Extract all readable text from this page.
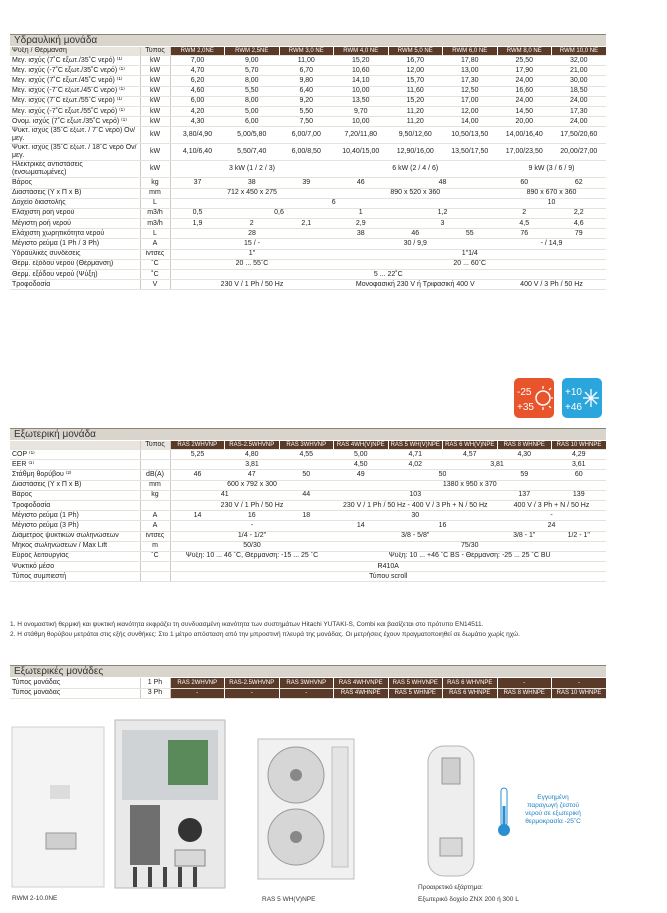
Υδραυλική μονάδα
Ψύξη / Θέρμανση	Τύπος	RWM 2,0NE	RWM 2,5NE	RWM 3,0 NE	RWM 4,0 NE	RWM 5,0 NE	RWM 6,0 NE	RWM 8,0 NE	RWM 10,0 NE
Μεγ. ισχύς (7˚C εξωτ./35˚C νερό) ⁽¹⁾	kW	7,00	9,00	11,00	15,20	16,70	17,80	25,50	32,00
Μεγ. ισχύς (-7˚C εξωτ./35˚C νερό) ⁽¹⁾	kW	4,70	5,70	6,70	10,60	12,00	13,00	17,90	21,00
Μεγ. ισχύς (7˚C εξωτ./45˚C νερό) ⁽¹⁾	kW	6,20	8,00	9,80	14,10	15,70	17,30	24,00	30,00
Μεγ. ισχύς (-7˚C εξωτ./45˚C νερό) ⁽¹⁾	kW	4,60	5,50	6,40	10,00	11,60	12,50	16,60	18,50
Μεγ. ισχύς (7˚C εξωτ./55˚C νερό) ⁽¹⁾	kW	6,00	8,00	9,20	13,50	15,20	17,00	24,00	24,00
Μεγ. ισχύς (-7˚C εξωτ./55˚C νερό) ⁽¹⁾	kW	4,20	5,00	5,50	9,70	11,20	12,00	14,50	17,30
Ονομ. ισχύς (7˚C εξωτ./35˚C νερό) ⁽¹⁾	kW	4,30	6,00	7,50	10,00	11,20	14,00	20,00	24,00
Ψυκτ. ισχύς (35˚C εξωτ. / 7˚C νερό) Ον/μεγ.	kW	3,80/4,90	5,00/5,80	6,00/7,00	7,20/11,80	9,50/12,60	10,50/13,50	14,00/16,40	17,50/20,60
Ψυκτ. ισχύς (35˚C εξωτ. / 18˚C νερό Ον/μεγ.	kW	4,10/6,40	5,50/7,40	6,00/8,50	10,40/15,00	12,90/16,00	13,50/17,50	17,00/23,50	20,00/27,00
Ηλεκτρικές αντιστάσεις (ενσωματωμένες)	kW	3 kW (1 / 2 / 3)			6 kW (2 / 4 / 6)			9 kW (3 / 6 / 9)	
Βάρος	kg	37	38	39	46	48		60	62
Διαστάσεις (Υ x Π x Β)	mm	712 x 450 x 275			890 x 520 x 360			890 x 670 x 360	
Δοχείο διαστολής	L	6						10	
Ελάχιστη ροή νερού	m3/h	0,5	0,6		1	1,2		2	2,2
Μέγιστη ροή νερού	m3/h	1,9	2	2,1	2,9	3		4,5	4,6
Ελάχιστη χωρητικότητα νερού	L	28			38	46	55	76	79
Μέγιστο ρεύμα (1 Ph / 3 Ph)	A	15 / -			30 / 9,9			- / 14,9	
Υδραυλικές συνδέσεις	ίντσες	1"			1"1/4				
Θερμ. εξόδου νερού (Θέρμανση)	˚C	20 ... 55˚C			20 ... 60˚C				
Θερμ. εξόδου νερού (Ψύξη)	˚C	5 ... 22˚C							
Τροφοδοσία	V	230 V / 1 Ph / 50 Hz			Μονοφασική 230 V ή Τριφασική 400 V			400 V / 3 Ph / 50 Hz	
-25
+35
+10
+46
Εξωτερική μονάδα
	Τύπος	RAS 2WHVNP	RAS-2.5WHVNP	RAS 3WHVNP	RAS 4WH(V)NPE	RAS 5 WH(V)NPE	RAS 6 WH(V)NPE	RAS 8 WHNPE	RAS 10 WHNPE
COP ⁽¹⁾		5,25	4,80	4,55	5,00	4,71	4,57	4,30	4,29
EER ⁽¹⁾		3,81			4,50	4,02	3,81		3,61
Στάθμη θορύβου ⁽²⁾	dB(A)	46	47	50	49	50		59	60
Διαστάσεις (Υ x Π x Β)	mm	600 x 792 x 300			1380 x 950 x 370				
Βάρος	kg	41		44	103			137	139
Τροφοδοσία		230 V / 1 Ph / 50 Hz			230 V / 1 Ph / 50 Hz - 400 V / 3 Ph + N / 50 Hz			400 V / 3 Ph + N / 50 Hz	
Μέγιστο ρεύμα (1 Ph)	A	14	16	18	30			-	
Μέγιστο ρεύμα (3 Ph)	A	-			14	16		24	
Διάμετρος ψυκτικών σωληνώσεων	ίντσες	1/4 - 1/2"			3/8 - 5/8"			3/8 - 1"	1/2 - 1"
Μήκος σωληνώσεων / Max Lift	m	50/30			75/30				
Εύρος λειτουργίας	˚C	Ψύξη: 10 ... 46 ˚C, Θέρμανση: -15 ... 25 ˚C			Ψύξη: 10 ... +46 ˚C BS - Θέρμανση: -25 ... 25 ˚C BU				
Ψυκτικό μέσο		R410A							
Τύπος συμπιεστή		Τύπου scroll							
1. Η ονομαστική θερμική και ψυκτική ικανότητα εκφράζει τη συνδυασμένη ικανότητα των συστημάτων Hitachi YUTAKI-S, Combi και βασίζεται στο πρότυπο EN14511.
2. Η στάθμη θορύβου μετράται στις εξής συνθήκες: Στο 1 μέτρο απόσταση από την μπροστινή πλευρά της μονάδας. Οι μετρήσεις έχουν πραγματοποιηθεί σε δωμάτιο χωρίς ηχώ.
Εξωτερικές μονάδες
Τύπος μονάδας	1 Ph	RAS 2WHVNP	RAS-2.5WHVNP	RAS 3WHVNP	RAS 4WHVNPE	RAS 5 WHVNPE	RAS 6 WHVNPE	-	-
Τύπος μονάδας	3 Ph	-	-	-	RAS 4WHNPE	RAS 5 WHNPE	RAS 6 WHNPE	RAS 8 WHNPE	RAS 10 WHNPE
RWM 2-10.0NE	RAS 5 WH(V)NPE
Προαιρετικό εξάρτημα:
Εξωτερικό δοχείο ZNX 200 ή 300 L
Εγγυημένη
παραγωγή ζεστού
νερού σε εξωτερική
θερμοκρασία -25˚C
